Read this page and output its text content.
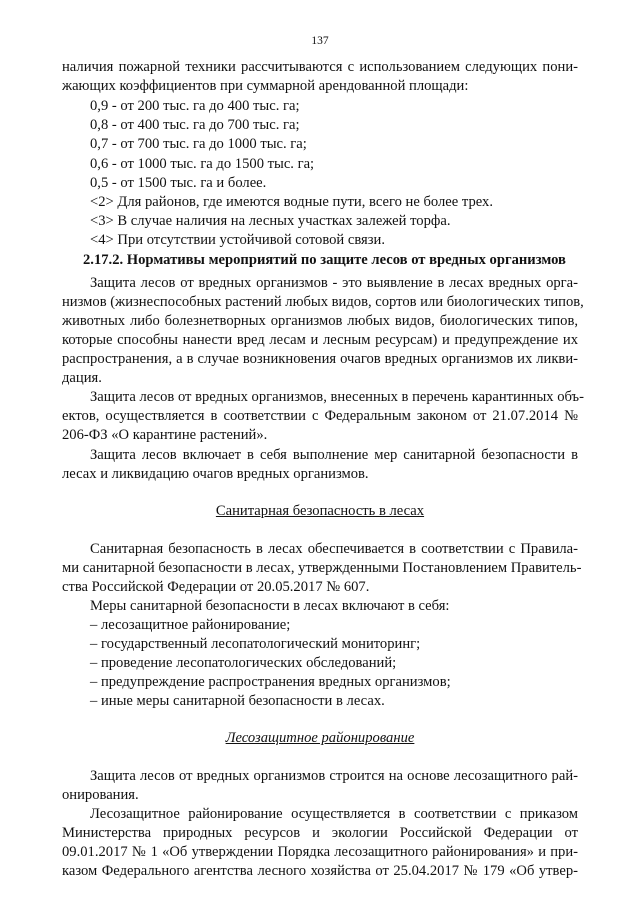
137
наличия пожарной техники рассчитываются с использованием следующих пони-
жающих коэффициентов при суммарной арендованной площади:
0,9 - от 200 тыс. га до 400 тыс. га;
0,8 - от 400 тыс. га до 700 тыс. га;
0,7 - от 700 тыс. га до 1000 тыс. га;
0,6 - от 1000 тыс. га до 1500 тыс. га;
0,5 - от 1500 тыс. га и более.
<2> Для районов, где имеются водные пути, всего не более трех.
<3> В случае наличия на лесных участках залежей торфа.
<4> При отсутствии устойчивой сотовой связи.
2.17.2. Нормативы мероприятий по защите лесов от вредных организмов
Защита лесов от вредных организмов - это выявление в лесах вредных орга-
низмов (жизнеспособных растений любых видов, сортов или биологических типов,
животных либо болезнетворных организмов любых видов, биологических типов,
которые способны нанести вред лесам и лесным ресурсам) и предупреждение их
распространения, а в случае возникновения очагов вредных организмов их ликви-
дация.
Защита лесов от вредных организмов, внесенных в перечень карантинных объ-
ектов, осуществляется в соответствии с Федеральным законом от 21.07.2014 №
206-ФЗ «О карантине растений».
Защита лесов включает в себя выполнение мер санитарной безопасности в
лесах и ликвидацию очагов вредных организмов.
Санитарная безопасность в лесах
Санитарная безопасность в лесах обеспечивается в соответствии с Правила-
ми санитарной безопасности в лесах, утвержденными Постановлением Правитель-
ства Российской Федерации от 20.05.2017 № 607.
Меры санитарной безопасности в лесах включают в себя:
– лесозащитное районирование;
– государственный лесопатологический мониторинг;
– проведение лесопатологических обследований;
– предупреждение распространения вредных организмов;
– иные меры санитарной безопасности в лесах.
Лесозащитное районирование
Защита лесов от вредных организмов строится на основе лесозащитного рай-
онирования.
Лесозащитное районирование осуществляется в соответствии с приказом
Министерства природных ресурсов и экологии Российской Федерации от
09.01.2017 № 1 «Об утверждении Порядка лесозащитного районирования» и при-
казом Федерального агентства лесного хозяйства от 25.04.2017 № 179 «Об утвер-
